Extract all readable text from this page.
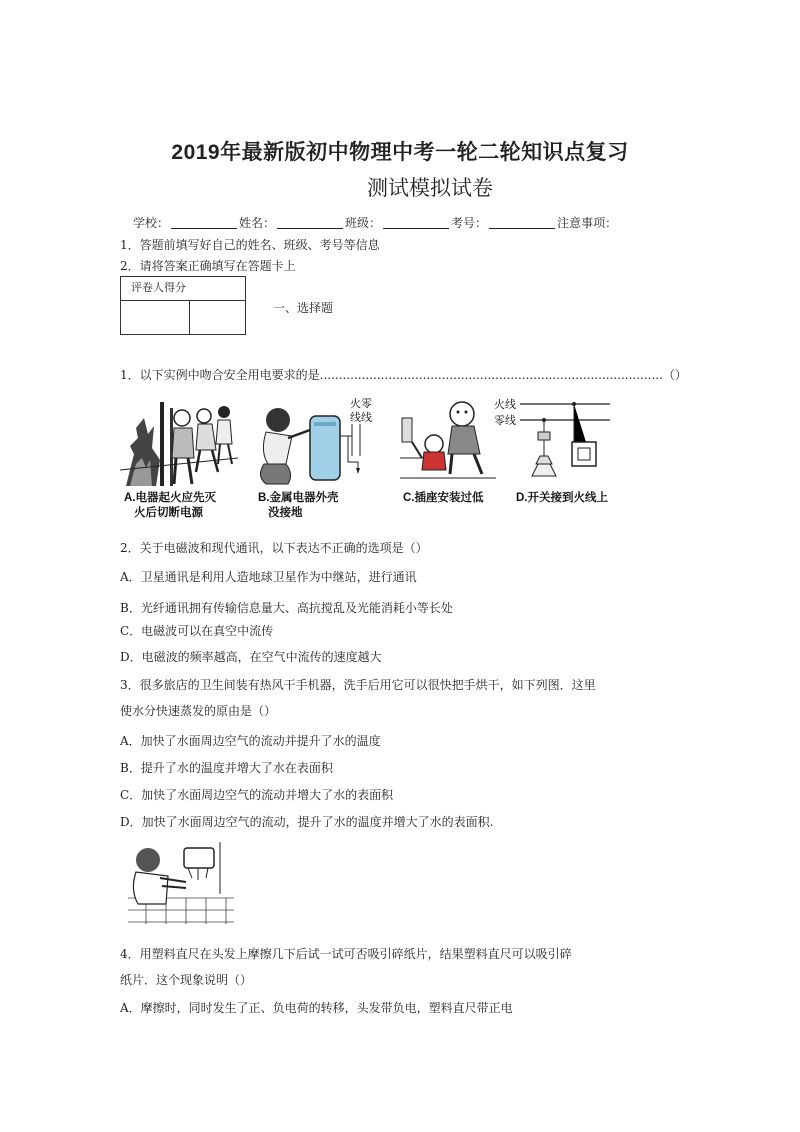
2019年最新版初中物理中考一轮二轮知识点复习
测试模拟试卷
学校：	姓名：	班级：	考号：	注意事项：
1．答题前填写好自己的姓名、班级、考号等信息
2．请将答案正确填写在答题卡上
评卷人得分
一、选择题
1．以下实例中吻合安全用电要求的是..........................................................................................（）
A.电器起火应先灭
火后切断电源
火零
线线
B.金属电器外壳
没接地
C.插座安装过低
火线
零线
D.开关接到火线上
2．关于电磁波和现代通讯，以下表达不正确的选项是（）
A．卫星通讯是利用人造地球卫星作为中继站，进行通讯
B．光纤通讯拥有传输信息量大、高抗搅乱及光能消耗小等长处
C．电磁波可以在真空中流传
D．电磁波的频率越高，在空气中流传的速度越大
3．很多旅店的卫生间装有热风干手机器，洗手后用它可以很快把手烘干，如下列图．这里
使水分快速蒸发的原由是（）
A．加快了水面周边空气的流动并提升了水的温度
B．提升了水的温度并增大了水在表面积
C．加快了水面周边空气的流动并增大了水的表面积
D．加快了水面周边空气的流动，提升了水的温度并增大了水的表面积.
4．用塑料直尺在头发上摩擦几下后试一试可否吸引碎纸片，结果塑料直尺可以吸引碎
纸片．这个现象说明（）
A．摩擦时，同时发生了正、负电荷的转移，头发带负电，塑料直尺带正电
